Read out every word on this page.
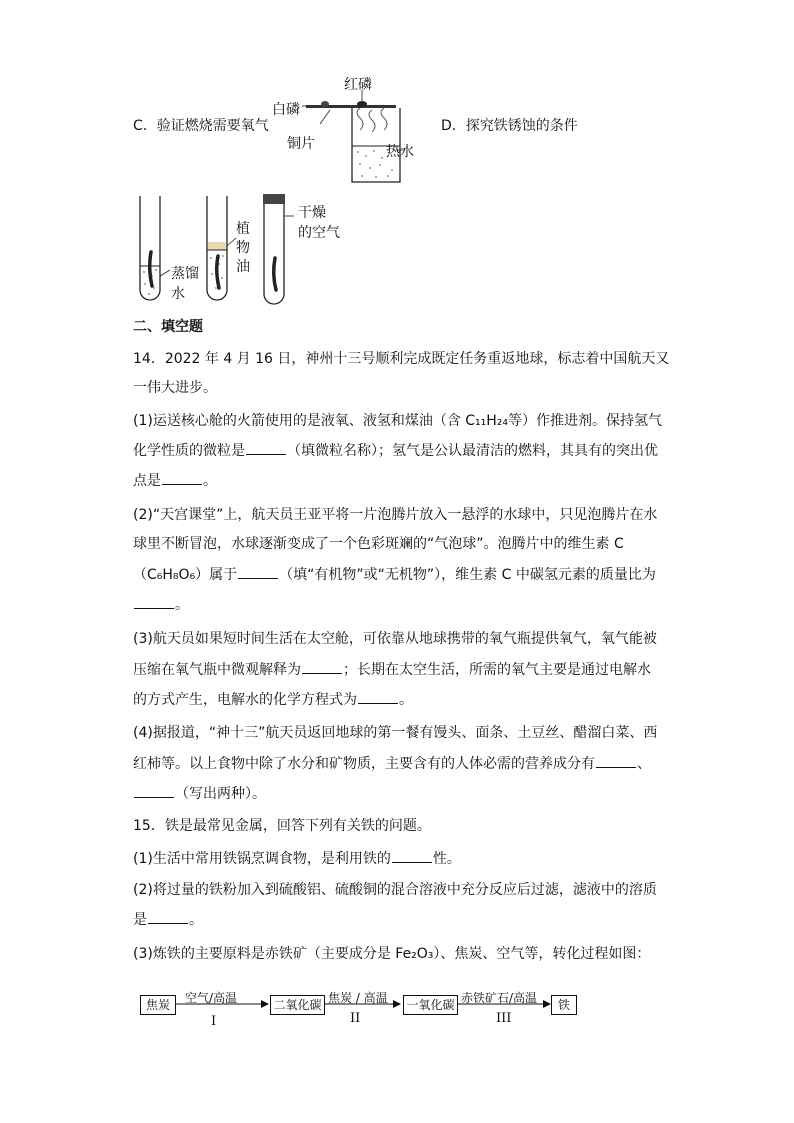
C．验证燃烧需要氧气	D．探究铁锈蚀的条件
红磷
白磷
铜片	热水
蒸馏
水
植
物
油
干燥
的空气
二、填空题
14．2022 年 4 月 16 日，神州十三号顺利完成既定任务重返地球，标志着中国航天又
一伟大进步。
(1)运送核心舱的火箭使用的是液氧、液氢和煤油（含 C₁₁H₂₄等）作推进剂。保持氢气
化学性质的微粒是	（填微粒名称）；氢气是公认最清洁的燃料，其具有的突出优
点是	。
(2)“天宫课堂”上，航天员王亚平将一片泡腾片放入一悬浮的水球中，只见泡腾片在水
球里不断冒泡，水球逐渐变成了一个色彩斑斓的“气泡球”。泡腾片中的维生素 C
（C₆H₈O₆）属于	（填“有机物”或“无机物”），维生素 C 中碳氢元素的质量比为
。
(3)航天员如果短时间生活在太空舱，可依靠从地球携带的氧气瓶提供氧气，氧气能被
压缩在氧气瓶中微观解释为	；长期在太空生活，所需的氧气主要是通过电解水
的方式产生，电解水的化学方程式为	。
(4)据报道，“神十三”航天员返回地球的第一餐有馒头、面条、土豆丝、醋溜白菜、西
红柿等。以上食物中除了水分和矿物质，主要含有的人体必需的营养成分有	、
（写出两种）。
15．铁是最常见金属，回答下列有关铁的问题。
(1)生活中常用铁锅烹调食物，是利用铁的	性。
(2)将过量的铁粉加入到硫酸铝、硫酸铜的混合溶液中充分反应后过滤，滤液中的溶质
是	。
(3)炼铁的主要原料是赤铁矿（主要成分是 Fe₂O₃）、焦炭、空气等，转化过程如图：
焦炭	空气/高温	二氧化碳 焦炭 / 高温 一氧化碳 赤铁矿石/高温	铁
I	II	III
